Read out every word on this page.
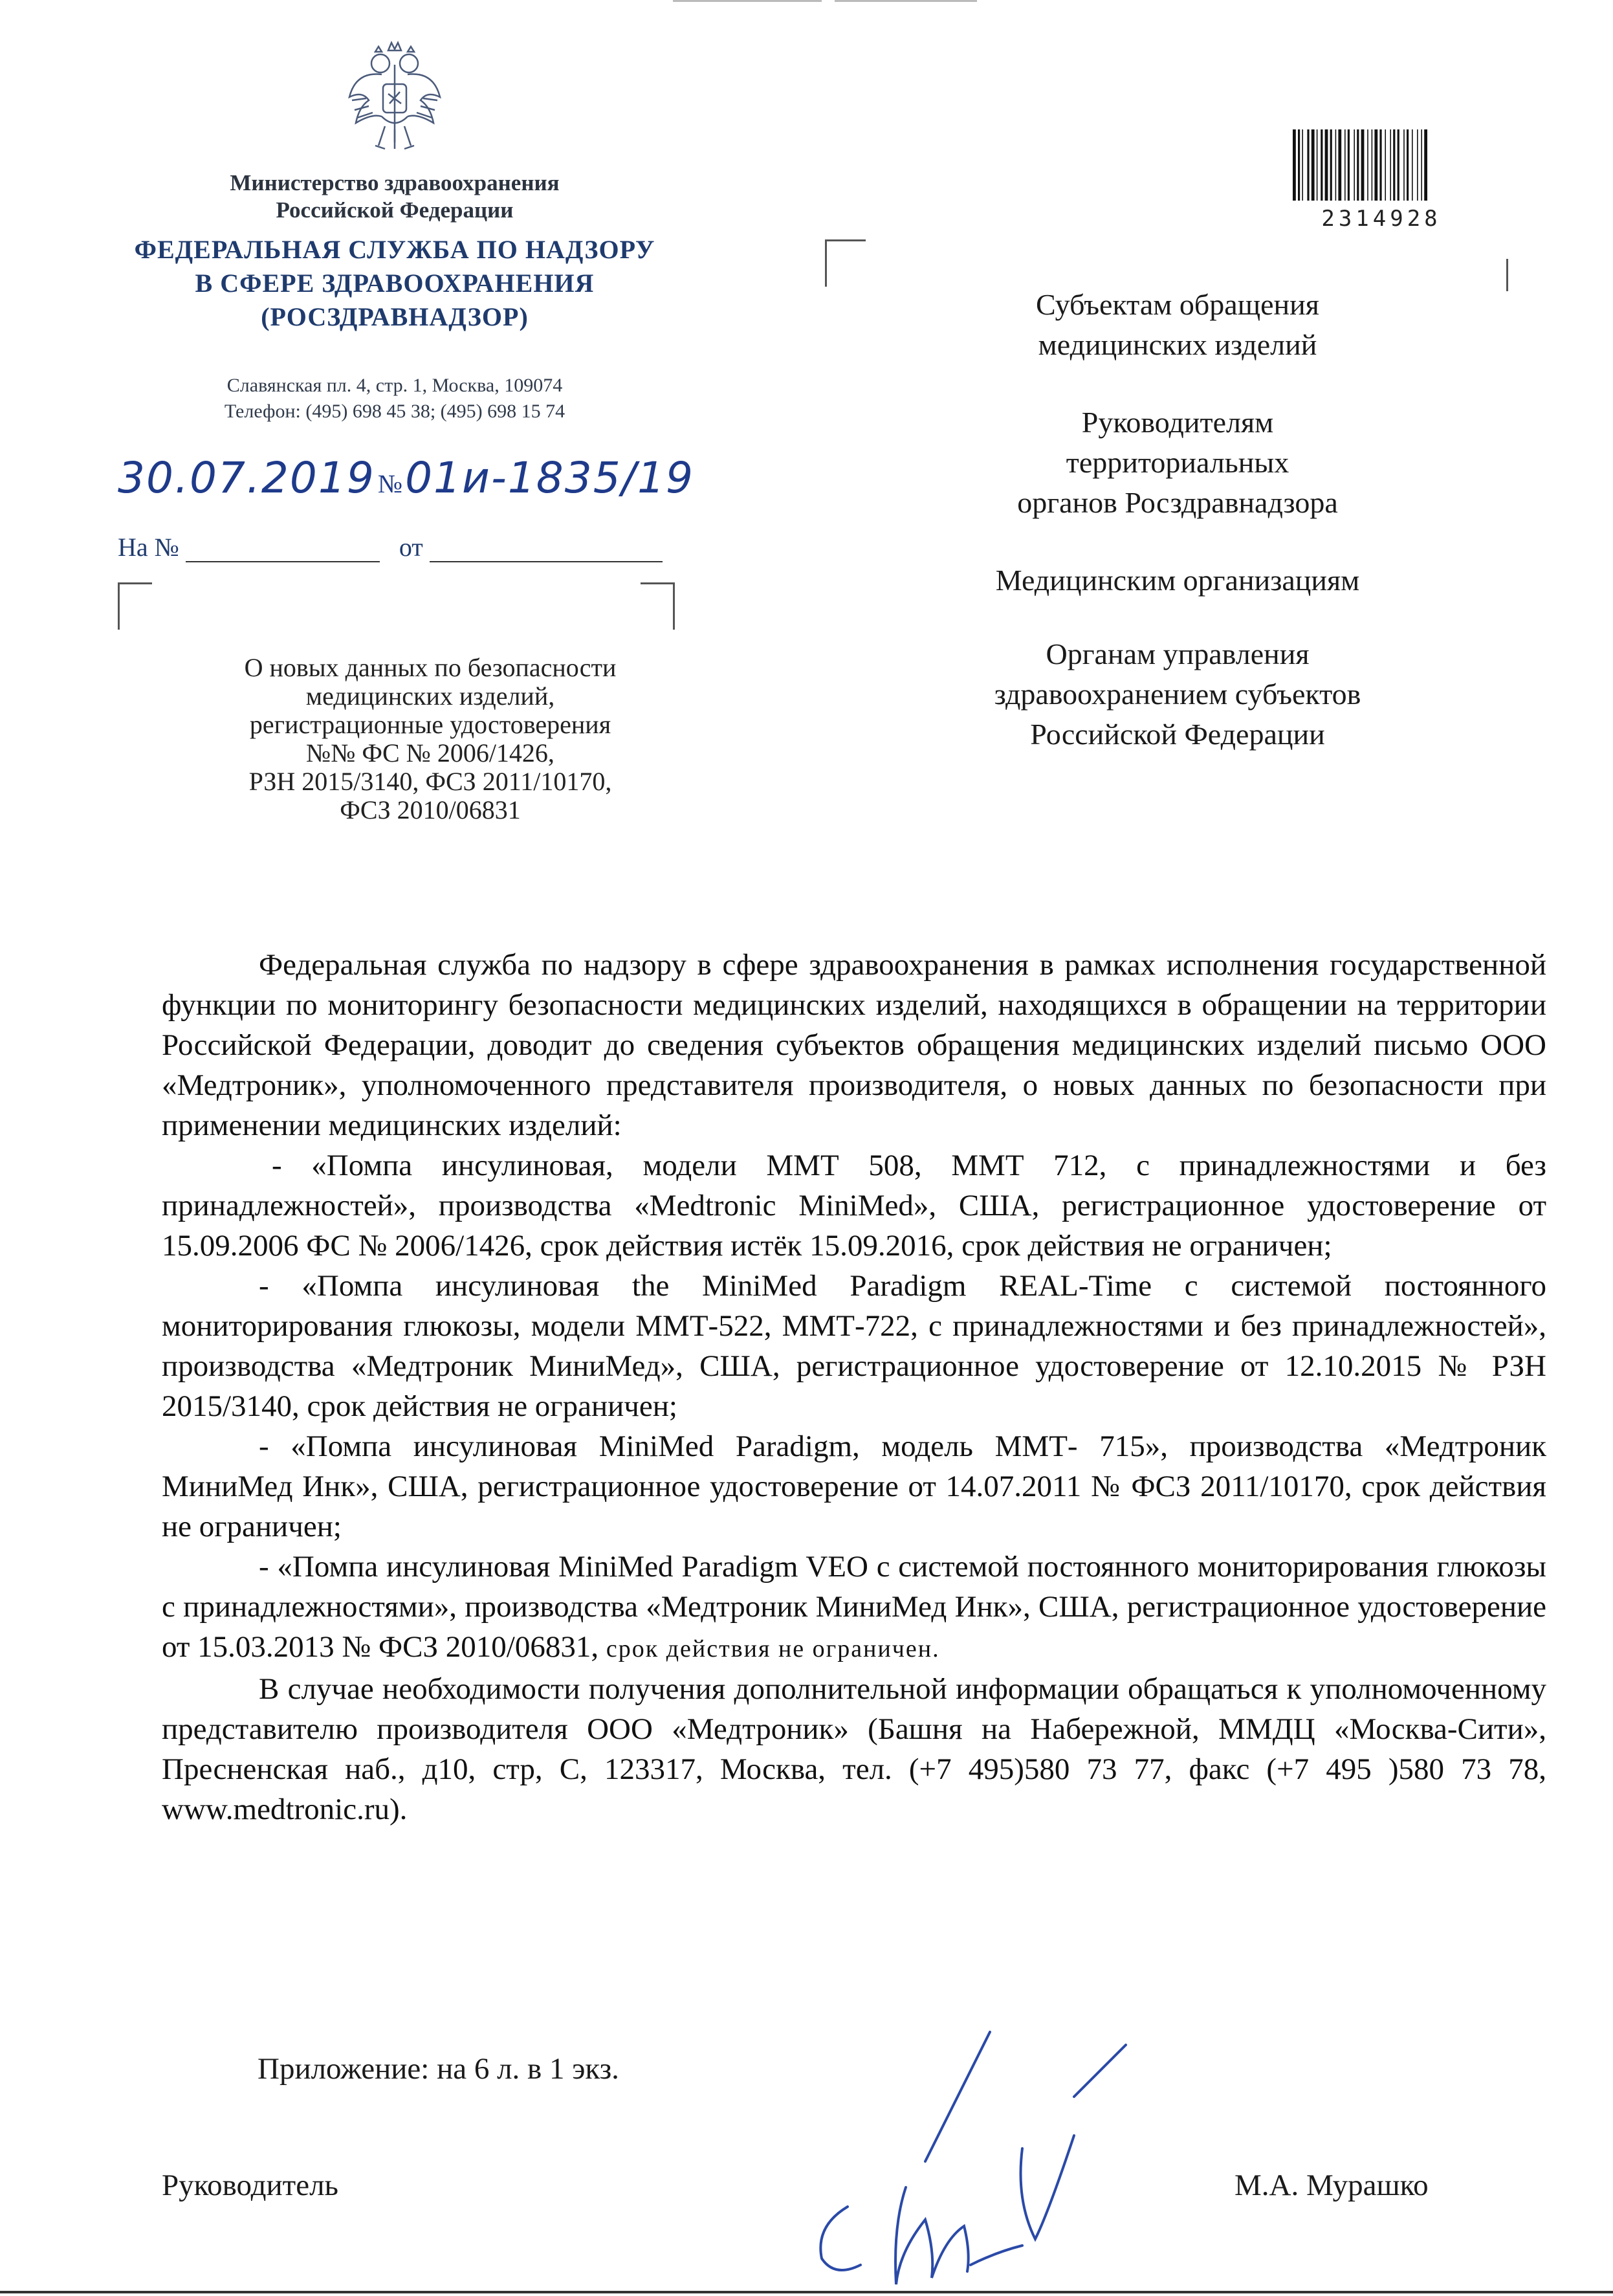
Министерство здравоохранения
Российской Федерации
ФЕДЕРАЛЬНАЯ СЛУЖБА ПО НАДЗОРУ
В СФЕРЕ ЗДРАВООХРАНЕНИЯ
(РОСЗДРАВНАДЗОР)
Славянская пл. 4, стр. 1, Москва, 109074
Телефон: (495) 698 45 38; (495) 698 15 74
30.07.2019 № 01и-1835/19
На №	от
О новых данных по безопасности
медицинских изделий,
регистрационные удостоверения
№№ ФС № 2006/1426,
РЗН 2015/3140, ФСЗ 2011/10170,
ФСЗ 2010/06831
2314928
Субъектам обращения
медицинских изделий
Руководителям
территориальных
органов Росздравнадзора
Медицинским организациям
Органам управления
здравоохранением субъектов
Российской Федерации

Федеральная служба по надзору в сфере здравоохранения в рамках исполнения государственной функции по мониторингу безопасности медицинских изделий, находящихся в обращении на территории Российской Федерации, доводит до сведения субъектов обращения медицинских изделий письмо ООО «Медтроник», уполномоченного представителя производителя, о новых данных по безопасности при применении медицинских изделий:

- «Помпа инсулиновая, модели ММТ 508, ММТ 712, с принадлежностями и без принадлежностей», производства «Medtronic MiniMed», США, регистрационное удостоверение от 15.09.2006 ФС № 2006/1426, срок действия истёк 15.09.2016, срок действия не ограничен;

- «Помпа инсулиновая the MiniMed Paradigm REAL-Time с системой постоянного мониторирования глюкозы, модели ММТ-522, ММТ-722, с принадлежностями и без принадлежностей», производства «Медтроник МиниМед», США, регистрационное удостоверение от 12.10.2015 № РЗН 2015/3140, срок действия не ограничен;

- «Помпа инсулиновая MiniMed Paradigm, модель ММТ- 715», производства «Медтроник МиниМед Инк», США, регистрационное удостоверение от 14.07.2011 № ФСЗ 2011/10170, срок действия не ограничен;

- «Помпа инсулиновая MiniMed Paradigm VEO с системой постоянного мониторирования глюкозы с принадлежностями», производства «Медтроник МиниМед Инк», США, регистрационное удостоверение от 15.03.2013 № ФСЗ 2010/06831, срок действия не ограничен.

В случае необходимости получения дополнительной информации обращаться к уполномоченному представителю производителя ООО «Медтроник» (Башня на Набережной, ММДЦ «Москва-Сити», Пресненская наб., д10, стр, С, 123317, Москва, тел. (+7 495)580 73 77, факс (+7 495 )580 73 78, www.medtronic.ru).

Приложение: на 6 л. в 1 экз.
Руководитель	М.А. Мурашко
